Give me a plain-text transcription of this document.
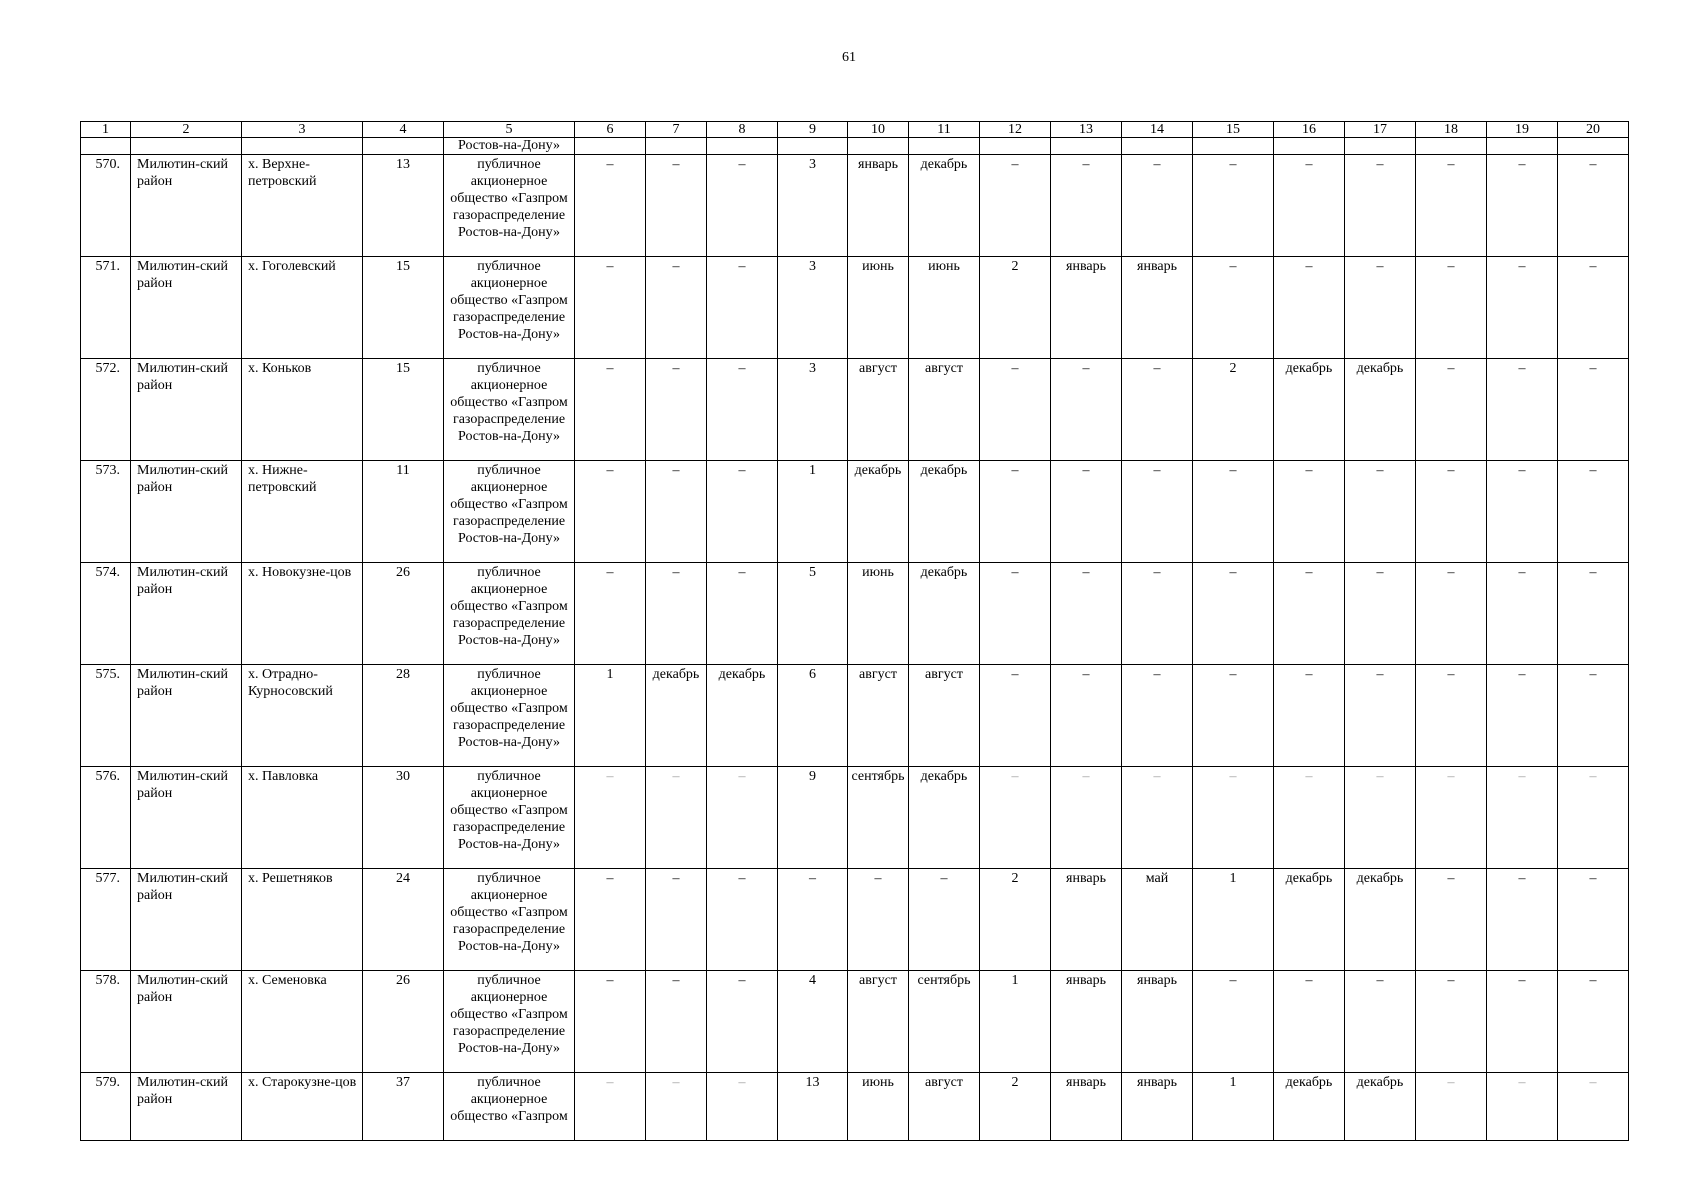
61
1	2	3	4	5	6	7	8	9	10	11	12	13	14	15	16	17	18	19	20
				Ростов-на-Дону»															
570.	Милютин-ский район	х. Верхне-петровский	13	публичное акционерное общество «Газпром газораспределение Ростов-на-Дону»	–	–	–	3	январь	декабрь	–	–	–	–	–	–	–	–	–
571.	Милютин-ский район	х. Гоголевский	15	публичное акционерное общество «Газпром газораспределение Ростов-на-Дону»	–	–	–	3	июнь	июнь	2	январь	январь	–	–	–	–	–	–
572.	Милютин-ский район	х. Коньков	15	публичное акционерное общество «Газпром газораспределение Ростов-на-Дону»	–	–	–	3	август	август	–	–	–	2	декабрь	декабрь	–	–	–
573.	Милютин-ский район	х. Нижне-петровский	11	публичное акционерное общество «Газпром газораспределение Ростов-на-Дону»	–	–	–	1	декабрь	декабрь	–	–	–	–	–	–	–	–	–
574.	Милютин-ский район	х. Новокузне-цов	26	публичное акционерное общество «Газпром газораспределение Ростов-на-Дону»	–	–	–	5	июнь	декабрь	–	–	–	–	–	–	–	–	–
575.	Милютин-ский район	х. Отрадно-Курносовский	28	публичное акционерное общество «Газпром газораспределение Ростов-на-Дону»	1	декабрь	декабрь	6	август	август	–	–	–	–	–	–	–	–	–
576.	Милютин-ский район	х. Павловка	30	публичное акционерное общество «Газпром газораспределение Ростов-на-Дону»	–	–	–	9	сентябрь	декабрь	–	–	–	–	–	–	–	–	–
577.	Милютин-ский район	х. Решетняков	24	публичное акционерное общество «Газпром газораспределение Ростов-на-Дону»	–	–	–	–	–	–	2	январь	май	1	декабрь	декабрь	–	–	–
578.	Милютин-ский район	х. Семеновка	26	публичное акционерное общество «Газпром газораспределение Ростов-на-Дону»	–	–	–	4	август	сентябрь	1	январь	январь	–	–	–	–	–	–
579.	Милютин-ский район	х. Старокузне-цов	37	публичное акционерное общество «Газпром	–	–	–	13	июнь	август	2	январь	январь	1	декабрь	декабрь	–	–	–
